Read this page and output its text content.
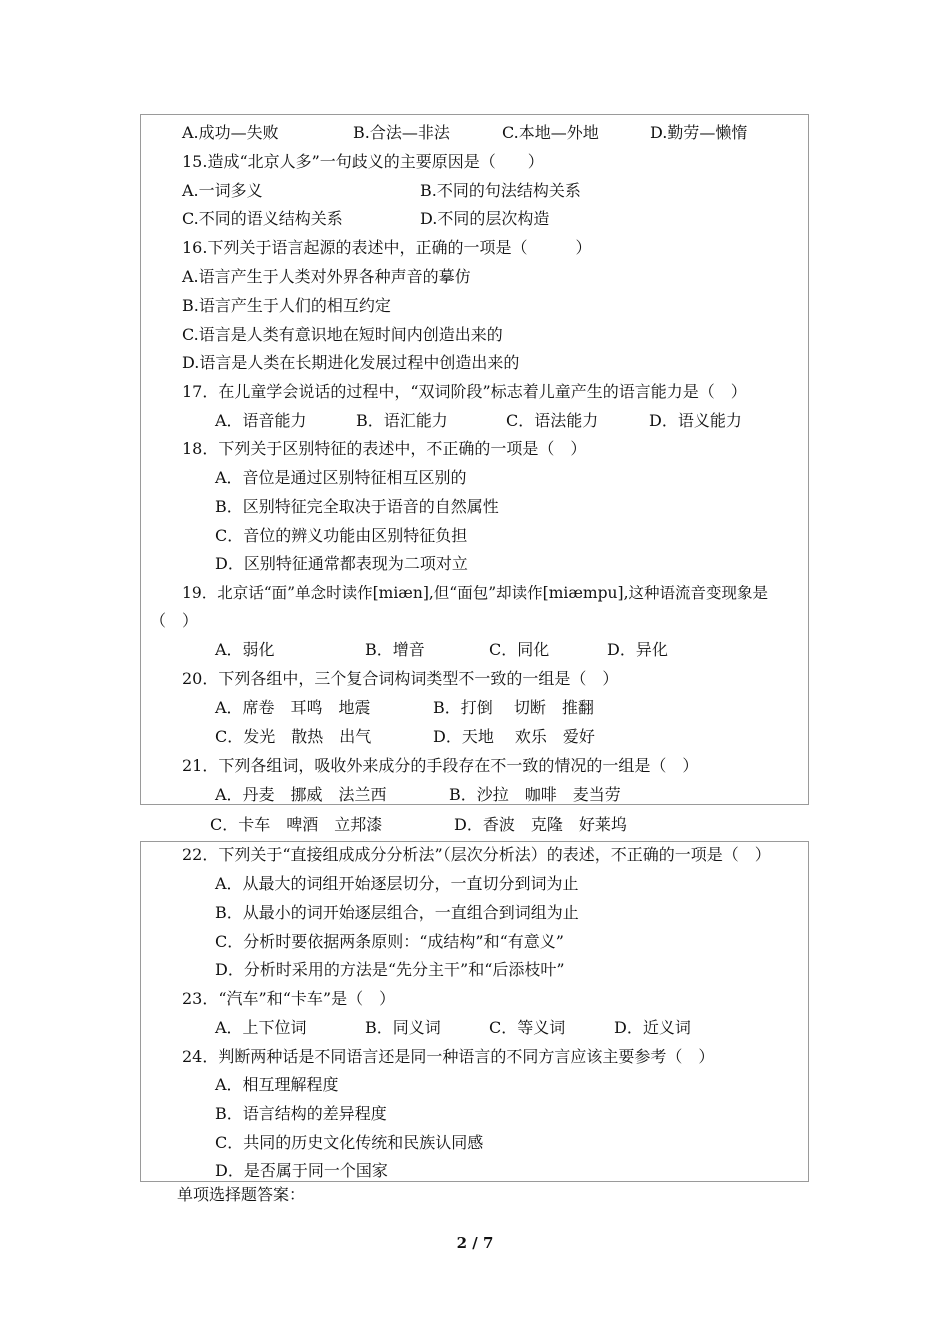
A.成功—失败	B.合法—非法	C.本地—外地	D.勤劳—懒惰
15.造成“北京人多”一句歧义的主要原因是（　　）
A.一词多义	B.不同的句法结构关系
C.不同的语义结构关系	D.不同的层次构造
16.下列关于语言起源的表述中，正确的一项是（　　　）
A.语言产生于人类对外界各种声音的摹仿
B.语言产生于人们的相互约定
C.语言是人类有意识地在短时间内创造出来的
D.语言是人类在长期进化发展过程中创造出来的
17．在儿童学会说话的过程中，“双词阶段”标志着儿童产生的语言能力是（　）
A．语音能力	B．语汇能力	C．语法能力	D．语义能力
18．下列关于区别特征的表述中，不正确的一项是（　）
A．音位是通过区别特征相互区别的
B．区别特征完全取决于语音的自然属性
C．音位的辨义功能由区别特征负担
D．区别特征通常都表现为二项对立
19．北京话“面”单念时读作[miæn],但“面包”却读作[miæmpu],这种语流音变现象是
（　）
A．弱化	B．增音	C．同化	D．异化
20．下列各组中，三个复合词构词类型不一致的一组是（　）
A．席卷　耳鸣　地震	B．打倒　 切断　推翻
C．发光　散热　出气	D．天地　 欢乐　爱好
21．下列各组词，吸收外来成分的手段存在不一致的情况的一组是（　）
A．丹麦　挪威　法兰西	B．沙拉　咖啡　麦当劳
C．卡车　啤酒　立邦漆	D．香波　克隆　好莱坞
22．下列关于“直接组成成分分析法”（层次分析法）的表述，不正确的一项是（　）
A．从最大的词组开始逐层切分，一直切分到词为止
B．从最小的词开始逐层组合，一直组合到词组为止
C．分析时要依据两条原则：“成结构”和“有意义”
D．分析时采用的方法是“先分主干”和“后添枝叶”
23．“汽车”和“卡车”是（　）
A．上下位词	B．同义词	C．等义词	D．近义词
24．判断两种话是不同语言还是同一种语言的不同方言应该主要参考（　）
A．相互理解程度
B．语言结构的差异程度
C．共同的历史文化传统和民族认同感
D．是否属于同一个国家
单项选择题答案：
2 / 7
